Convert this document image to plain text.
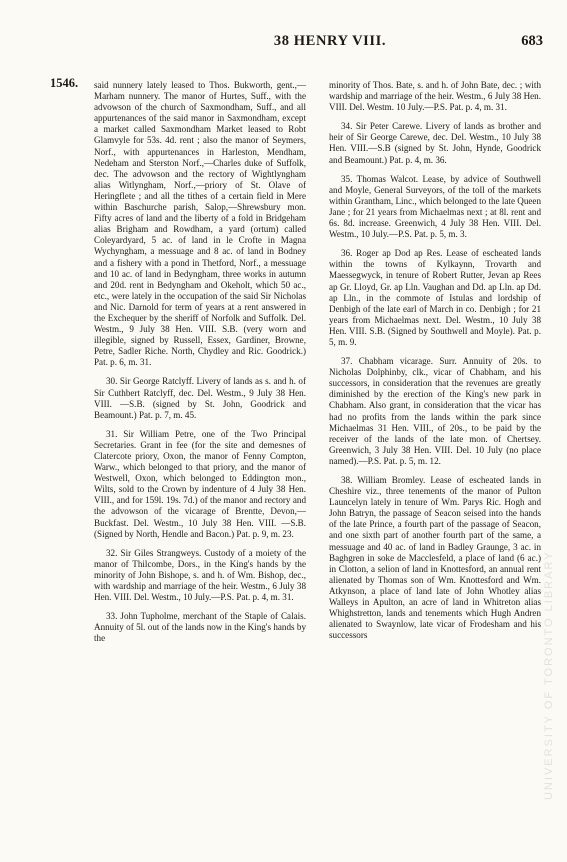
38 HENRY VIII.	683
1546. said nunnery lately leased to Thos. Bukworth, gent.,—Marham nunnery. The manor of Hurtes, Suff., with the advowson of the church of Saxmondham, Suff., and all appurtenances of the said manor in Saxmondham, except a market called Saxmondham Market leased to Robt Glamvyle for 53s. 4d. rent ; also the manor of Seymers, Norf., with appurtenances in Harleston, Mendham, Nedeham and Sterston Norf.,—Charles duke of Suffolk, dec. The advowson and the rectory of Wightlyngham alias Witlyngham, Norf.,—priory of St. Olave of Heringflete ; and all the tithes of a certain field in Mere within Baschurche parish, Salop,—Shrewsbury mon. Fifty acres of land and the liberty of a fold in Bridgeham alias Brigham and Rowdham, a yard (ortum) called Coleyardyard, 5 ac. of land in le Crofte in Magna Wychyngham, a messuage and 8 ac. of land in Bodney and a fishery with a pond in Thetford, Norf., a messuage and 10 ac. of land in Bedyngham, three works in autumn and 20d. rent in Bedyngham and Okeholt, which 50 ac., etc., were lately in the occupation of the said Sir Nicholas and Nic. Darnold for term of years at a rent answered in the Exchequer by the sheriff of Norfolk and Suffolk. Del. Westm., 9 July 38 Hen. VIII. S.B. (very worn and illegible, signed by Russell, Essex, Gardiner, Browne, Petre, Sadler Riche. North, Chydley and Ric. Goodrick.) Pat. p. 6, m. 31.

30. Sir George Ratclyff. Livery of lands as s. and h. of Sir Cuthbert Ratclyff, dec. Del. Westm., 9 July 38 Hen. VIII. —S.B. (signed by St. John, Goodrick and Beamount.) Pat. p. 7, m. 45.

31. Sir William Petre, one of the Two Principal Secretaries. Grant in fee (for the site and demesnes of Clatercote priory, Oxon, the manor of Fenny Compton, Warw., which belonged to that priory, and the manor of Westwell, Oxon, which belonged to Eddington mon., Wilts, sold to the Crown by indenture of 4 July 38 Hen. VIII., and for 159l. 19s. 7d.) of the manor and rectory and the advowson of the vicarage of Brentte, Devon,—Buckfast. Del. Westm., 10 July 38 Hen. VIII. —S.B. (Signed by North, Hendle and Bacon.) Pat. p. 9, m. 23.

32. Sir Giles Strangweys. Custody of a moiety of the manor of Thilcombe, Dors., in the King's hands by the minority of John Bishope, s. and h. of Wm. Bishop, dec., with wardship and marriage of the heir. Westm., 6 July 38 Hen. VIII. Del. Westm., 10 July.—P.S. Pat. p. 4, m. 31.

33. John Tupholme, merchant of the Staple of Calais. Annuity of 5l. out of the lands now in the King's hands by the

minority of Thos. Bate, s. and h. of John Bate, dec. ; with wardship and marriage of the heir. Westm., 6 July 38 Hen. VIII. Del. Westm. 10 July.—P.S. Pat. p. 4, m. 31.

34. Sir Peter Carewe. Livery of lands as brother and heir of Sir George Carewe, dec. Del. Westm., 10 July 38 Hen. VIII.—S.B (signed by St. John, Hynde, Goodrick and Beamount.) Pat. p. 4, m. 36.

35. Thomas Walcot. Lease, by advice of Southwell and Moyle, General Surveyors, of the toll of the markets within Grantham, Linc., which belonged to the late Queen Jane ; for 21 years from Michaelmas next ; at 8l. rent and 6s. 8d. increase. Greenwich, 4 July 38 Hen. VIII. Del. Westm., 10 July.—P.S. Pat. p. 5, m. 3.

36. Roger ap Dod ap Res. Lease of escheated lands within the towns of Kylkaynn, Trovarth and Maessegwyck, in tenure of Robert Rutter, Jevan ap Rees ap Gr. Lloyd, Gr. ap Lln. Vaughan and Dd. ap Lln. ap Dd. ap Lln., in the commote of Istulas and lordship of Denbigh of the late earl of March in co. Denbigh ; for 21 years from Michaelmas next. Del. Westm., 10 July 38 Hen. VIII. S.B. (Signed by Southwell and Moyle). Pat. p. 5, m. 9.

37. Chabham vicarage. Surr. Annuity of 20s. to Nicholas Dolphinby, clk., vicar of Chabham, and his successors, in consideration that the revenues are greatly diminished by the erection of the King's new park in Chabham. Also grant, in consideration that the vicar has had no profits from the lands within the park since Michaelmas 31 Hen. VIII., of 20s., to be paid by the receiver of the lands of the late mon. of Chertsey. Greenwich, 3 July 38 Hen. VIII. Del. 10 July (no place named).—P.S. Pat. p. 5, m. 12.

38. William Bromley. Lease of escheated lands in Cheshire viz., three tenements of the manor of Pulton Launcelyn lately in tenure of Wm. Parys Ric. Hogh and John Batryn, the passage of Seacon seised into the hands of the late Prince, a fourth part of the passage of Seacon, and one sixth part of another fourth part of the same, a messuage and 40 ac. of land in Badley Graunge, 3 ac. in Baghgren in soke de Macclesfeld, a place of land (6 ac.) in Clotton, a selion of land in Knottesford, an annual rent alienated by Thomas son of Wm. Knottesford and Wm. Atkynson, a place of land late of John Whotley alias Walleys in Apulton, an acre of land in Whitreton alias Whighstretton, lands and tenements which Hugh Andren alienated to Swaynlow, late vicar of Frodesham and his successors	UNIVERSITY OF TORONTO LIBRARY
